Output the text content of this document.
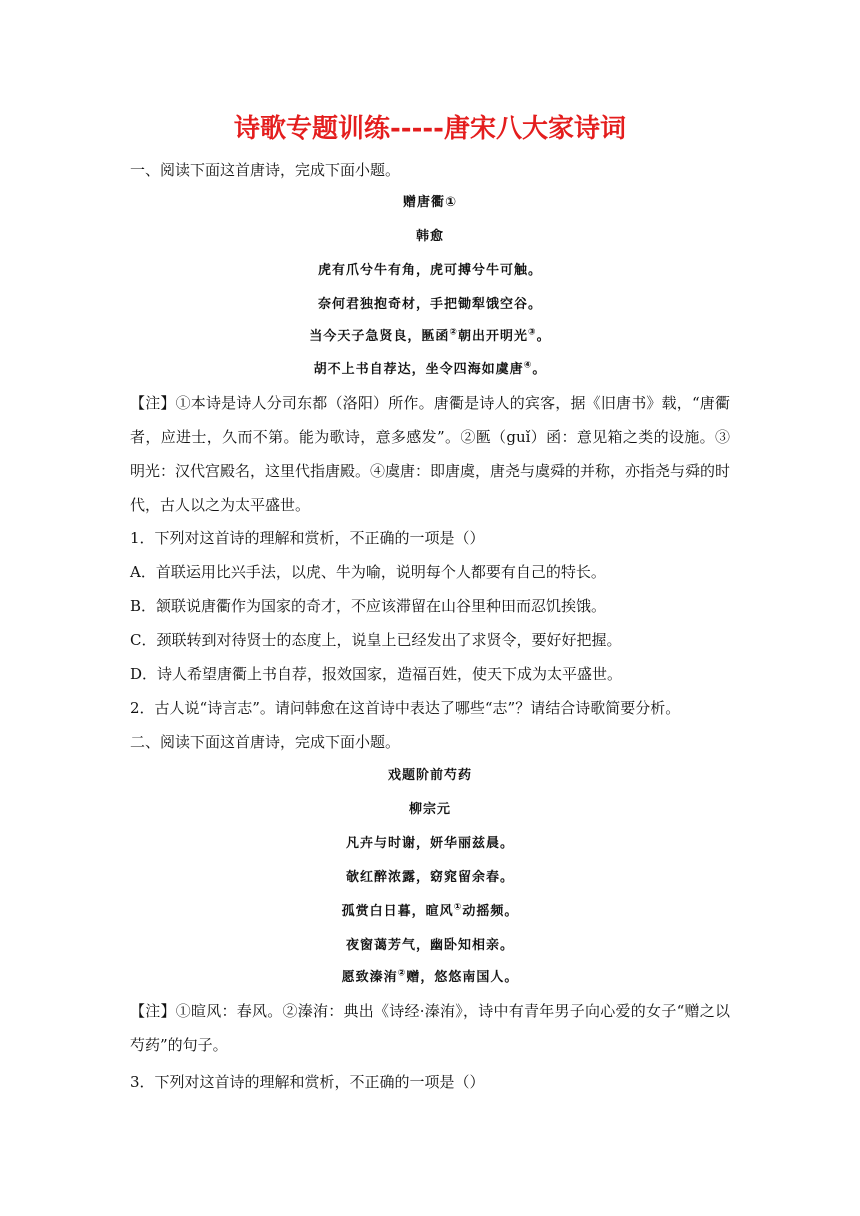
诗歌专题训练-----唐宋八大家诗词
一、阅读下面这首唐诗，完成下面小题。
赠唐衢①
韩愈
虎有爪兮牛有角，虎可搏兮牛可触。
奈何君独抱奇材，手把锄犁饿空谷。
当今天子急贤良，匦函②朝出开明光③。
胡不上书自荐达，坐令四海如虞唐④。
【注】①本诗是诗人分司东都（洛阳）所作。唐衢是诗人的宾客，据《旧唐书》载，“唐衢者，应进士，久而不第。能为歌诗，意多感发”。②匦（guǐ）函：意见箱之类的设施。③明光：汉代宫殿名，这里代指唐殿。④虞唐：即唐虞，唐尧与虞舜的并称，亦指尧与舜的时代，古人以之为太平盛世。
1．下列对这首诗的理解和赏析，不正确的一项是（）
A．首联运用比兴手法，以虎、牛为喻，说明每个人都要有自己的特长。
B．颔联说唐衢作为国家的奇才，不应该滞留在山谷里种田而忍饥挨饿。
C．颈联转到对待贤士的态度上，说皇上已经发出了求贤令，要好好把握。
D．诗人希望唐衢上书自荐，报效国家，造福百姓，使天下成为太平盛世。
2．古人说“诗言志”。请问韩愈在这首诗中表达了哪些“志”？请结合诗歌简要分析。
二、阅读下面这首唐诗，完成下面小题。
戏题阶前芍药
柳宗元
凡卉与时谢，妍华丽兹晨。
欹红醉浓露，窈窕留余春。
孤赏白日暮，暄风①动摇频。
夜窗蔼芳气，幽卧知相亲。
愿致溱洧②赠，悠悠南国人。
【注】①暄风：春风。②溱洧：典出《诗经·溱洧》，诗中有青年男子向心爱的女子“赠之以芍药”的句子。
3．下列对这首诗的理解和赏析，不正确的一项是（）
